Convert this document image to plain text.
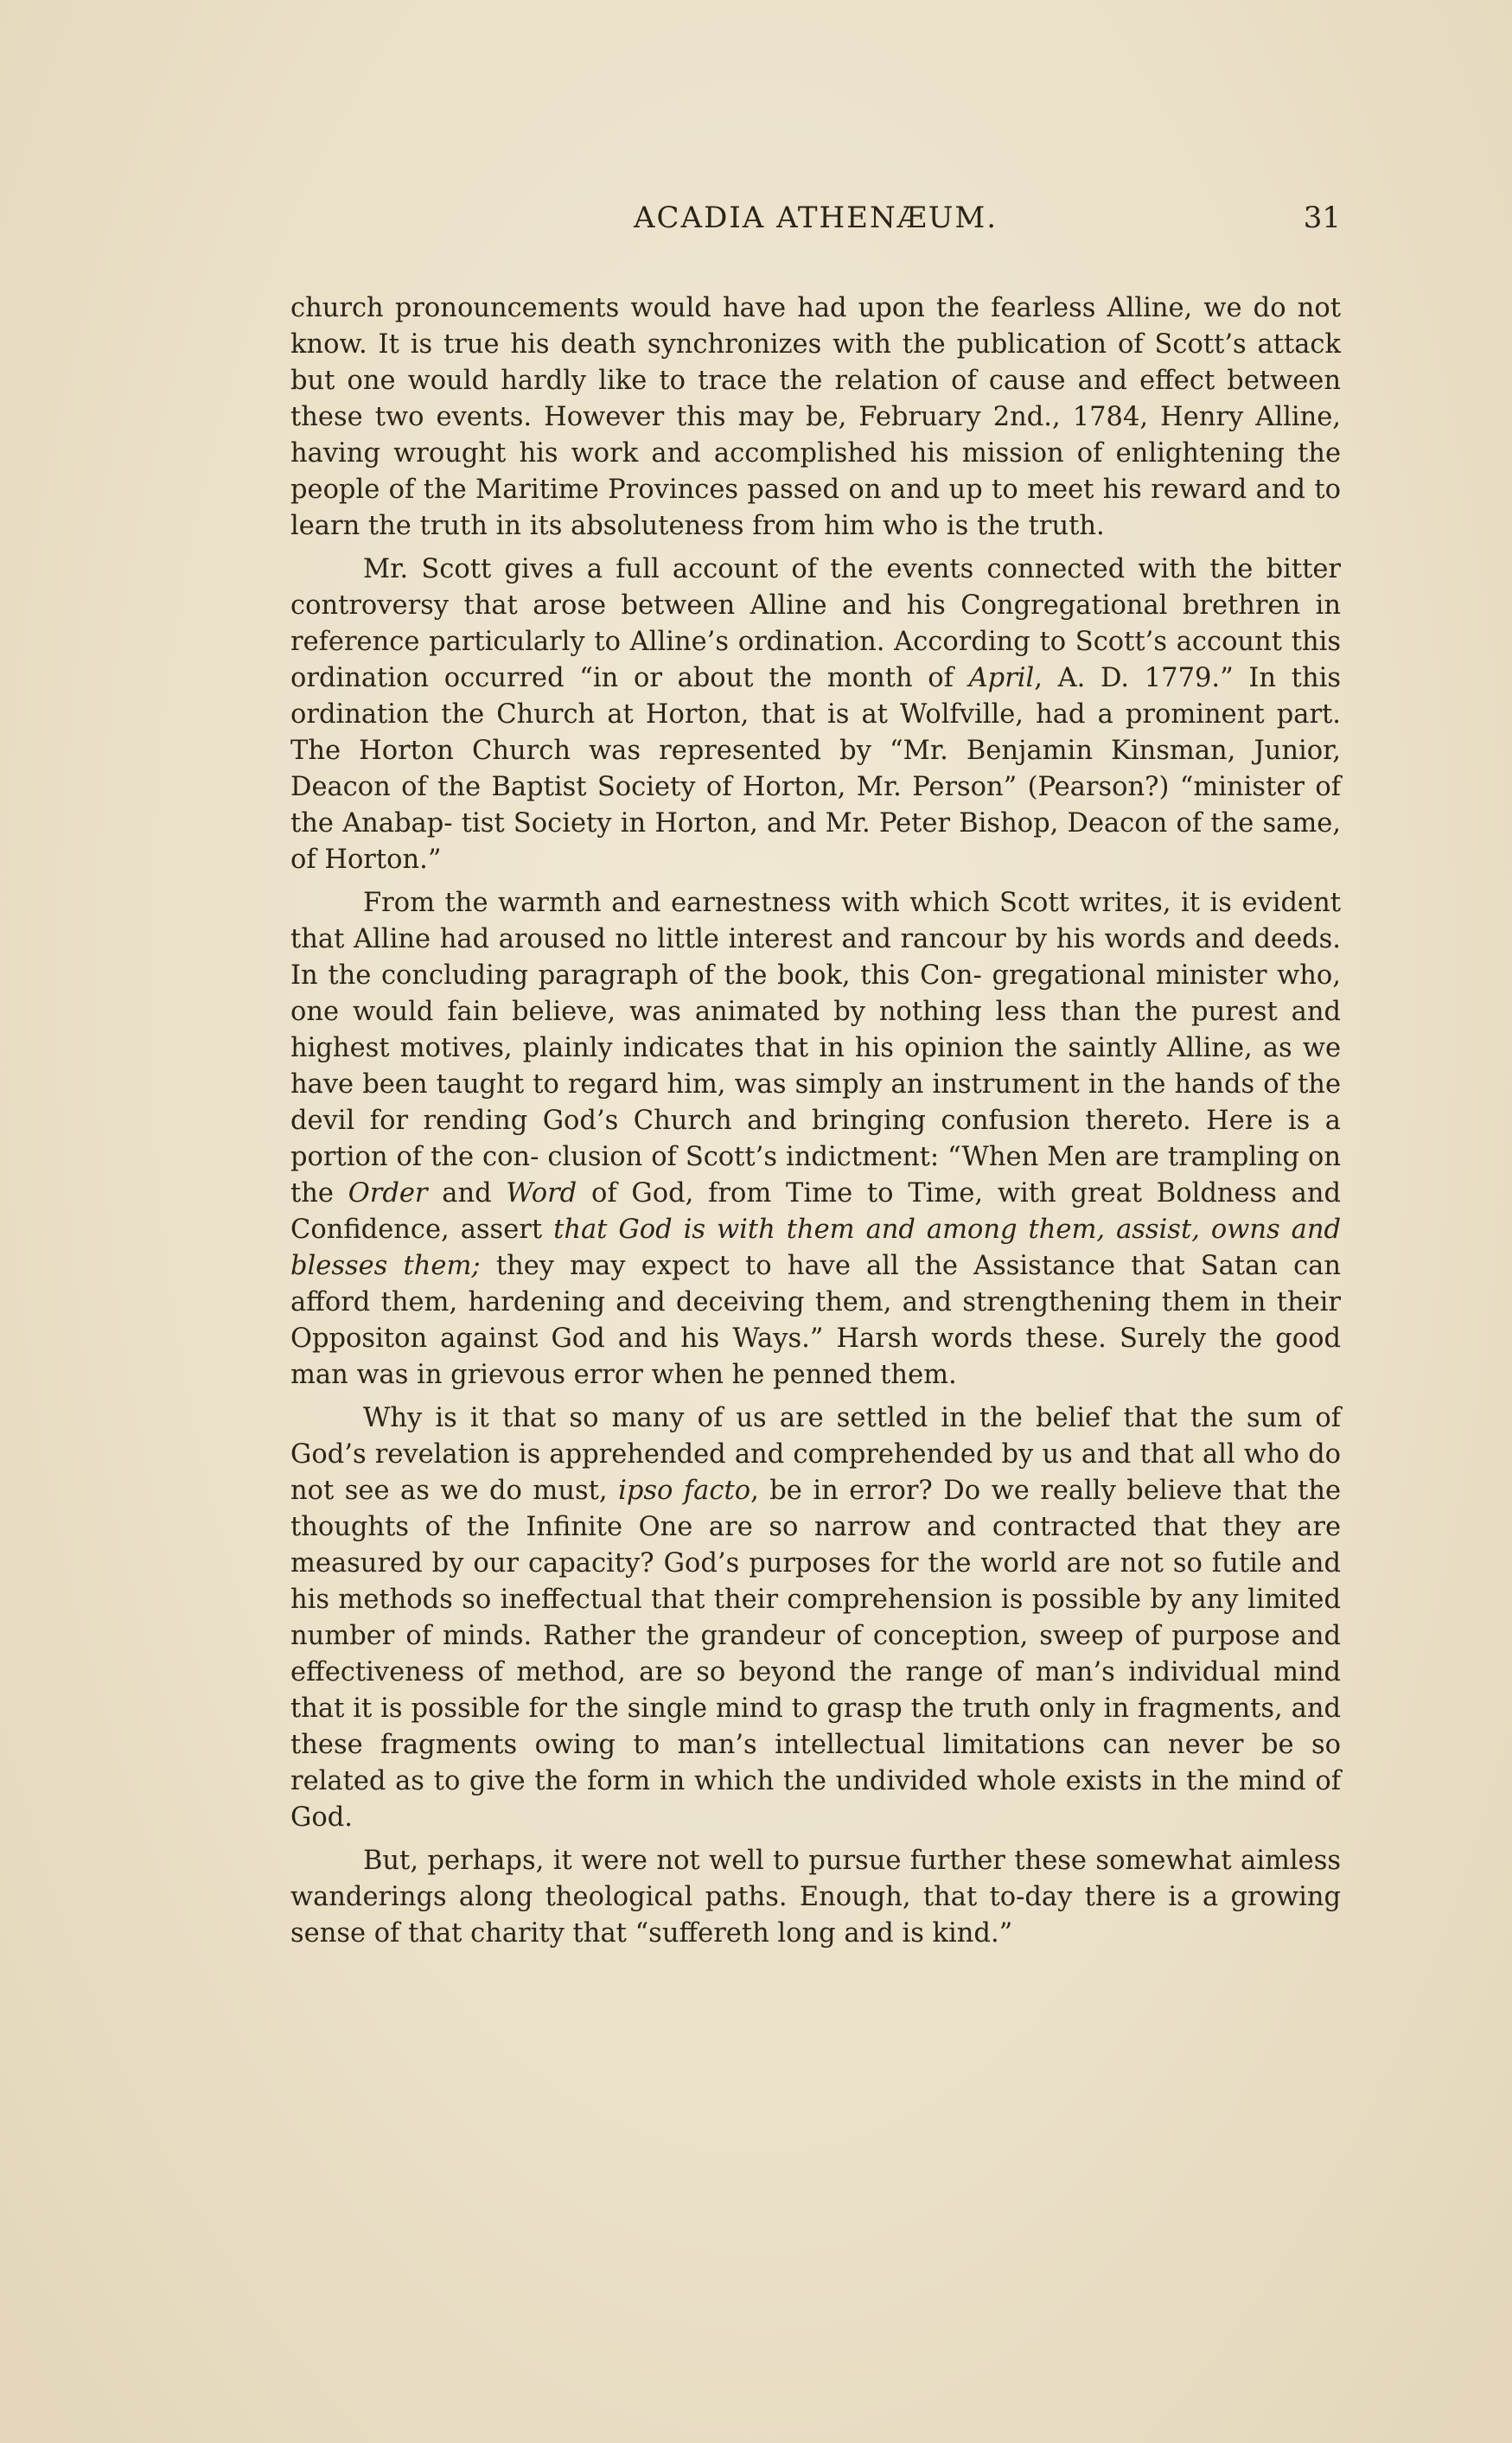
ACADIA ATHENÆUM.	31

church pronouncements would have had upon the fearless Alline, we do not know. It is true his death synchronizes with the publication of Scott’s attack but one would hardly like to trace the relation of cause and effect between these two events. However this may be, February 2nd., 1784, Henry Alline, having wrought his work and accomplished his mission of enlightening the people of the Maritime Provinces passed on and up to meet his reward and to learn the truth in its absoluteness from him who is the truth.

Mr. Scott gives a full account of the events connected with the bitter controversy that arose between Alline and his Congregational brethren in reference particularly to Alline’s ordination. According to Scott’s account this ordination occurred “in or about the month of April, A. D. 1779.” In this ordination the Church at Horton, that is at Wolfville, had a prominent part. The Horton Church was represented by “Mr. Benjamin Kinsman, Junior, Deacon of the Baptist Society of Horton, Mr. Person” (Pearson?) “minister of the Anabap- tist Society in Horton, and Mr. Peter Bishop, Deacon of the same, of Horton.”

From the warmth and earnestness with which Scott writes, it is evident that Alline had aroused no little interest and rancour by his words and deeds. In the concluding paragraph of the book, this Con- gregational minister who, one would fain believe, was animated by nothing less than the purest and highest motives, plainly indicates that in his opinion the saintly Alline, as we have been taught to regard him, was simply an instrument in the hands of the devil for rending God’s Church and bringing confusion thereto. Here is a portion of the con- clusion of Scott’s indictment: “When Men are trampling on the Order and Word of God, from Time to Time, with great Boldness and Confidence, assert that God is with them and among them, assist, owns and blesses them; they may expect to have all the Assistance that Satan can afford them, hardening and deceiving them, and strengthening them in their Oppositon against God and his Ways.” Harsh words these. Surely the good man was in grievous error when he penned them.

Why is it that so many of us are settled in the belief that the sum of God’s revelation is apprehended and comprehended by us and that all who do not see as we do must, ipso facto, be in error? Do we really believe that the thoughts of the Infinite One are so narrow and contracted that they are measured by our capacity? God’s purposes for the world are not so futile and his methods so ineffectual that their comprehension is possible by any limited number of minds. Rather the grandeur of conception, sweep of purpose and effectiveness of method, are so beyond the range of man’s individual mind that it is possible for the single mind to grasp the truth only in fragments, and these fragments owing to man’s intellectual limitations can never be so related as to give the form in which the undivided whole exists in the mind of God.

But, perhaps, it were not well to pursue further these somewhat aimless wanderings along theological paths. Enough, that to-day there is a growing sense of that charity that “suffereth long and is kind.”
